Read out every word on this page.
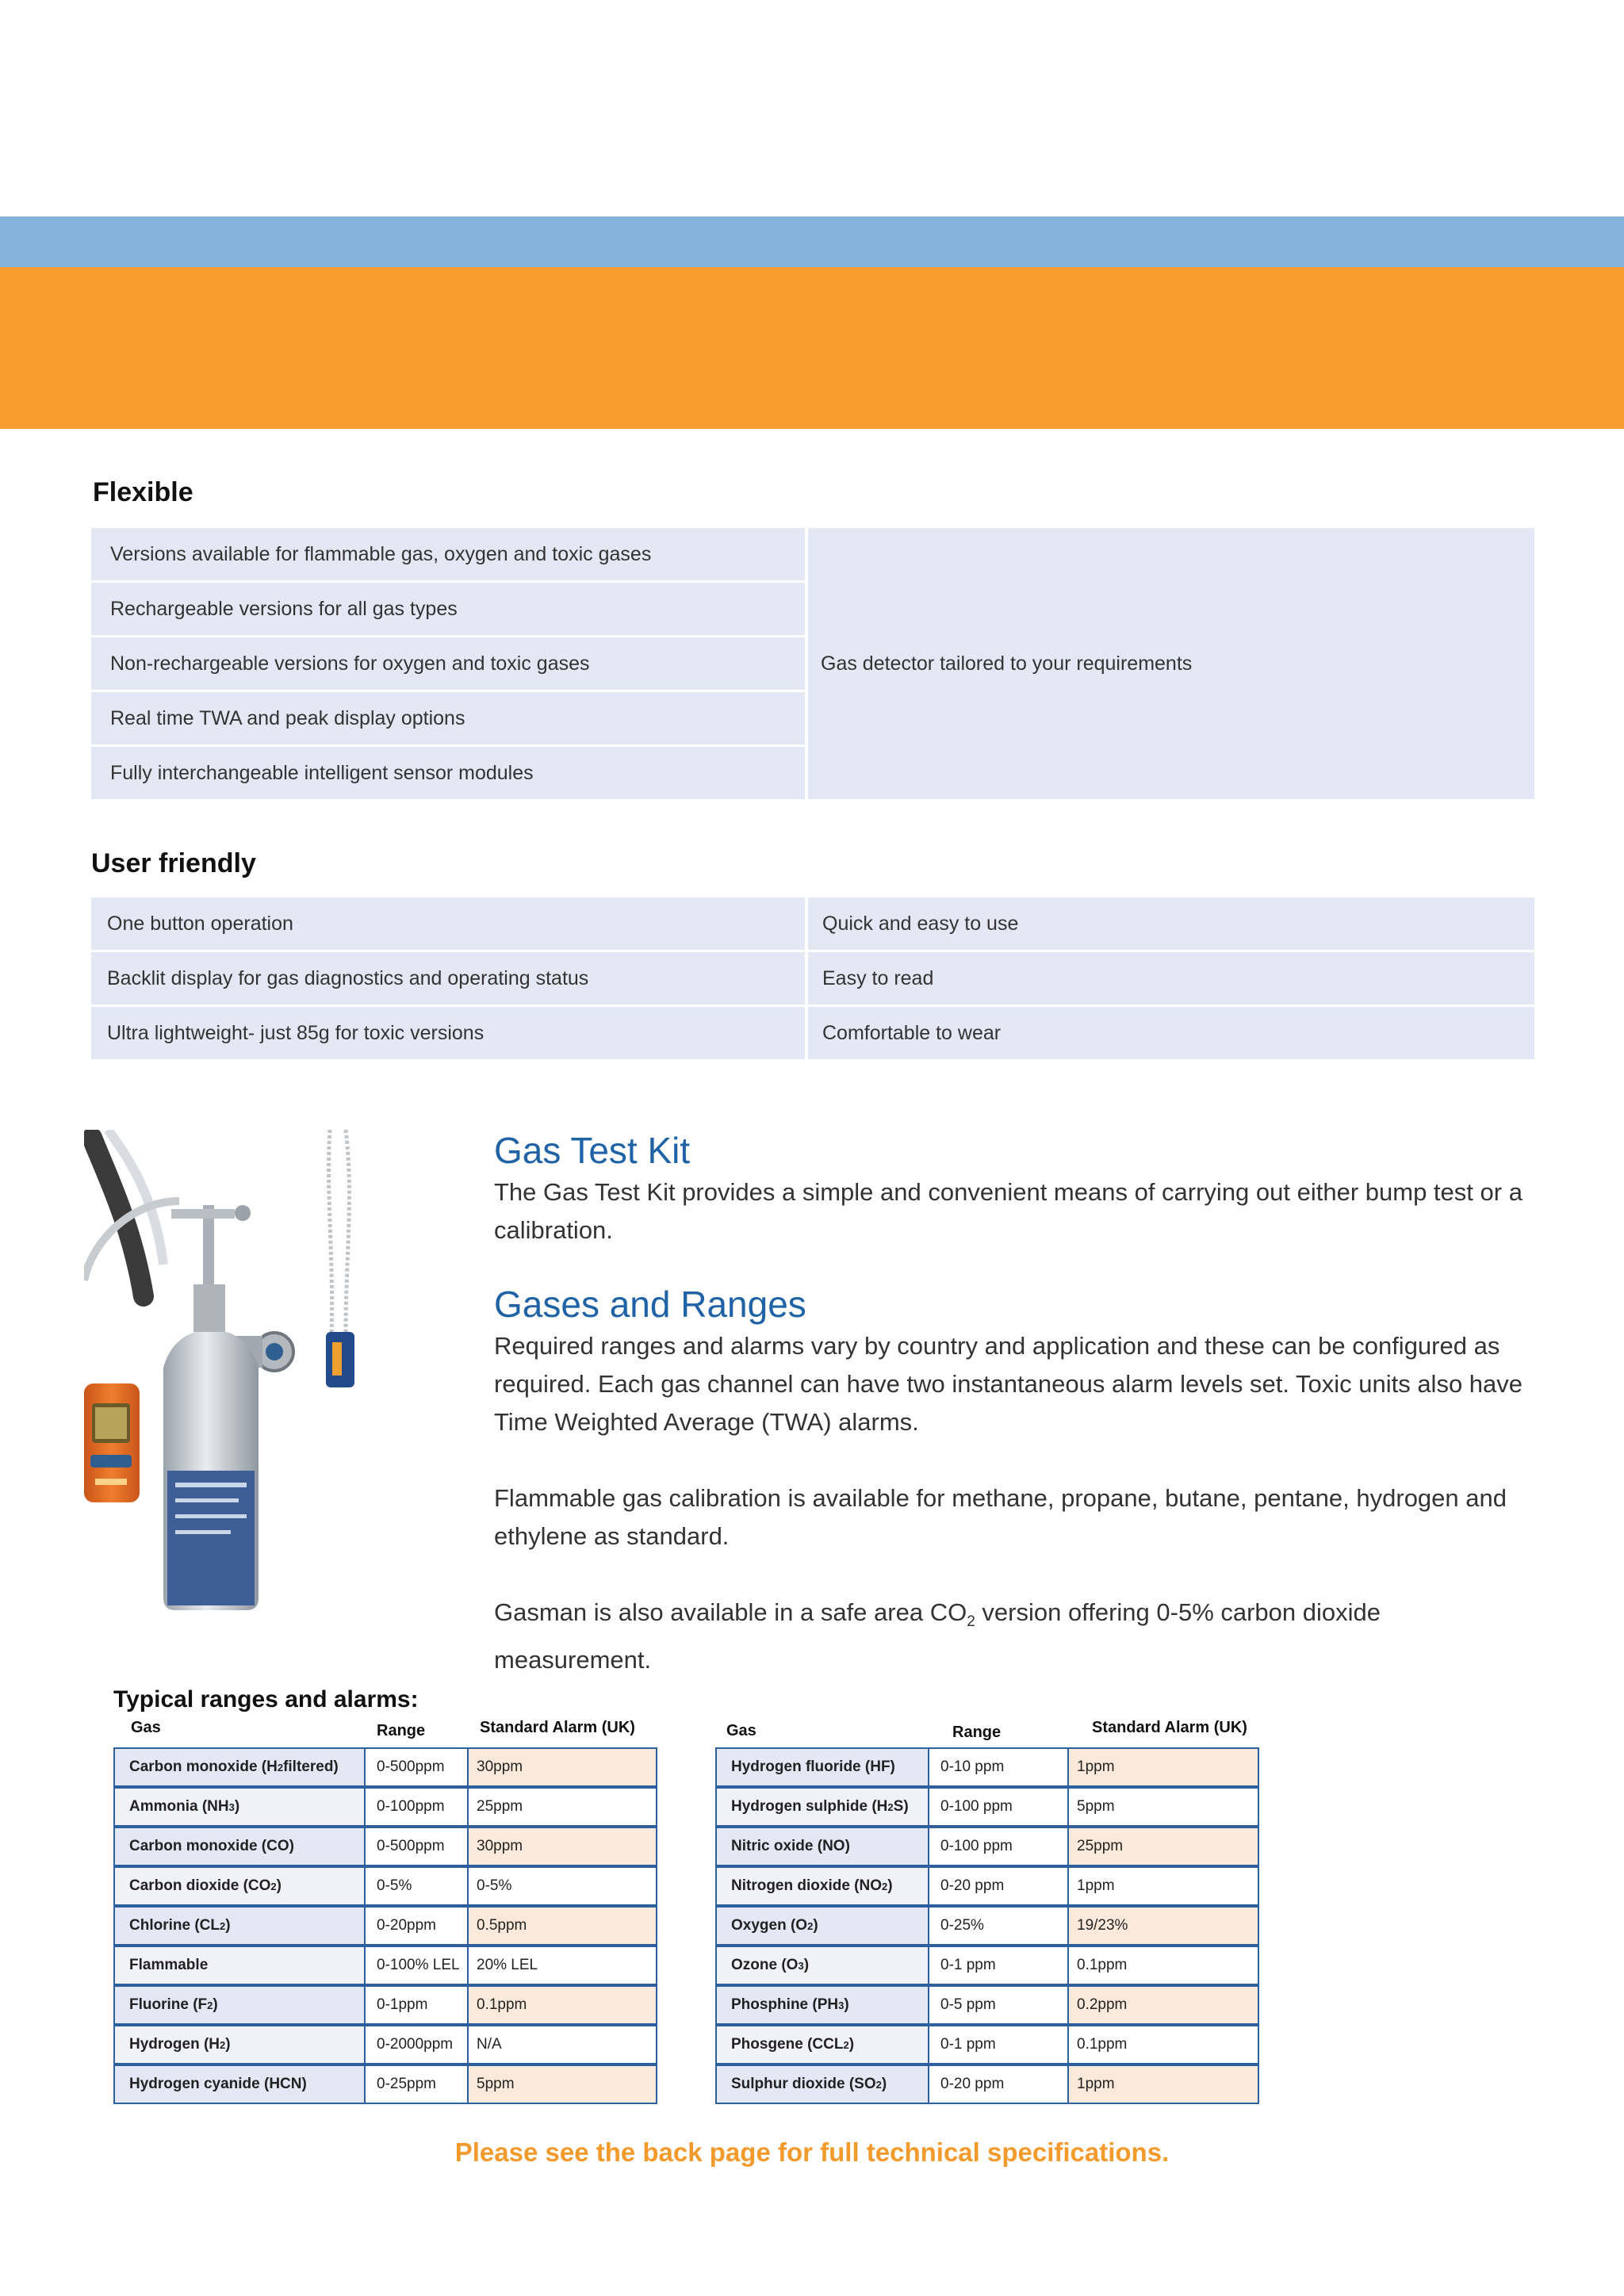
Flexible
Versions available for flammable gas, oxygen and toxic gases
Rechargeable versions for all gas types
Non-rechargeable versions for oxygen and toxic gases
Real time TWA and peak display options
Fully interchangeable intelligent sensor modules
Gas detector tailored to your requirements
User friendly
One button operation	Quick and easy to use
Backlit display for gas diagnostics and operating status	Easy to read
Ultra lightweight- just 85g for toxic versions	Comfortable to wear
Gas Test Kit
The Gas Test Kit provides a simple and convenient means of carrying out either bump test or a calibration.
Gases and Ranges
Required ranges and alarms vary by country and application and these can be configured as required. Each gas channel can have two instantaneous alarm levels set. Toxic units also have Time Weighted Average (TWA) alarms.
Flammable gas calibration is available for methane, propane, butane, pentane, hydrogen and ethylene as standard.
Gasman is also available in a safe area $CO_2$ version offering 0-5% carbon dioxide measurement.
Typical ranges and alarms:
Gas	Range	Standard Alarm (UK)
Carbon monoxide (H 2 filtered)	0-500ppm	30ppm
Ammonia (NH 3 )	0-100ppm	25ppm
Carbon monoxide (CO)	0-500ppm	30ppm
Carbon dioxide (CO 2 )	0-5%	0-5%
Chlorine (CL 2 )	0-20ppm	0.5ppm
Flammable	0-100% LEL	20% LEL
Fluorine (F 2 )	0-1ppm	0.1ppm
Hydrogen (H 2 )	0-2000ppm	N/A
Hydrogen cyanide (HCN)	0-25ppm	5ppm
Gas	Range	Standard Alarm (UK)
Hydrogen fluoride (HF)	0-10 ppm	1ppm
Hydrogen sulphide (H 2 S)	0-100 ppm	5ppm
Nitric oxide (NO)	0-100 ppm	25ppm
Nitrogen dioxide (NO 2 )	0-20 ppm	1ppm
Oxygen (O 2 )	0-25%	19/23%
Ozone (O 3 )	0-1 ppm	0.1ppm
Phosphine (PH 3 )	0-5 ppm	0.2ppm
Phosgene (CCL 2 )	0-1 ppm	0.1ppm
Sulphur dioxide (SO 2 )	0-20 ppm	1ppm
Please see the back page for full technical specifications.
